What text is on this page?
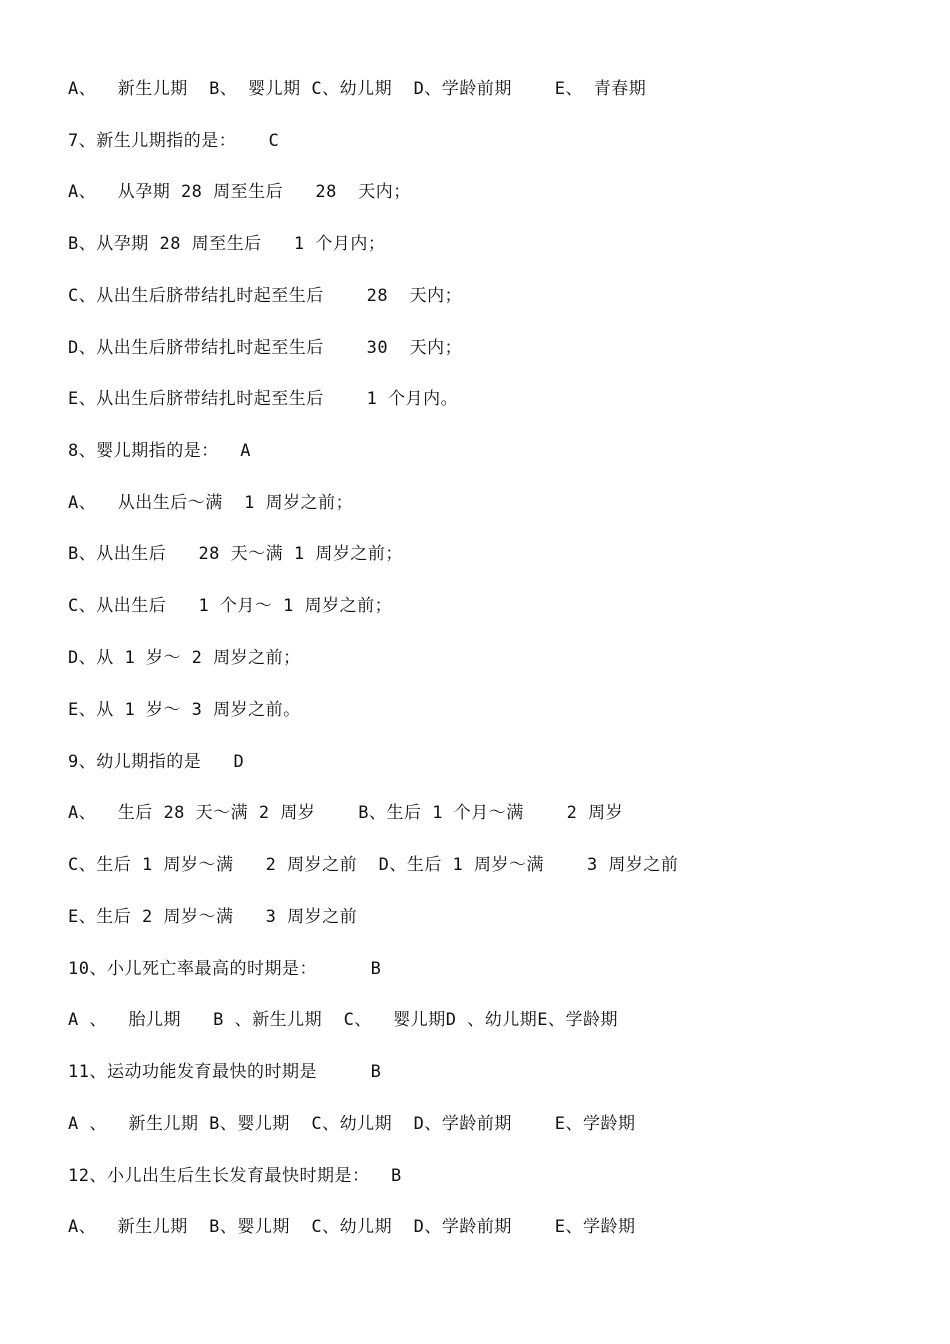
A、  新生儿期  B、 婴儿期 C、幼儿期  D、学龄前期    E、 青春期
7、新生儿期指的是：   C
A、  从孕期 28 周至生后   28  天内；
B、从孕期 28 周至生后   1 个月内；
C、从出生后脐带结扎时起至生后    28  天内；
D、从出生后脐带结扎时起至生后    30  天内；
E、从出生后脐带结扎时起至生后    1 个月内。
8、婴儿期指的是：  A
A、  从出生后～满  1 周岁之前；
B、从出生后   28 天～满 1 周岁之前；
C、从出生后   1 个月～ 1 周岁之前；
D、从 1 岁～ 2 周岁之前；
E、从 1 岁～ 3 周岁之前。
9、幼儿期指的是   D
A、  生后 28 天～满 2 周岁    B、生后 1 个月～满    2 周岁
C、生后 1 周岁～满   2 周岁之前  D、生后 1 周岁～满    3 周岁之前
E、生后 2 周岁～满   3 周岁之前
10、小儿死亡率最高的时期是：     B
A 、  胎儿期   B 、新生儿期  C、  婴儿期D 、幼儿期E、学龄期
11、运动功能发育最快的时期是     B
A 、  新生儿期 B、婴儿期  C、幼儿期  D、学龄前期    E、学龄期
12、小儿出生后生长发育最快时期是：  B
A、  新生儿期  B、婴儿期  C、幼儿期  D、学龄前期    E、学龄期
